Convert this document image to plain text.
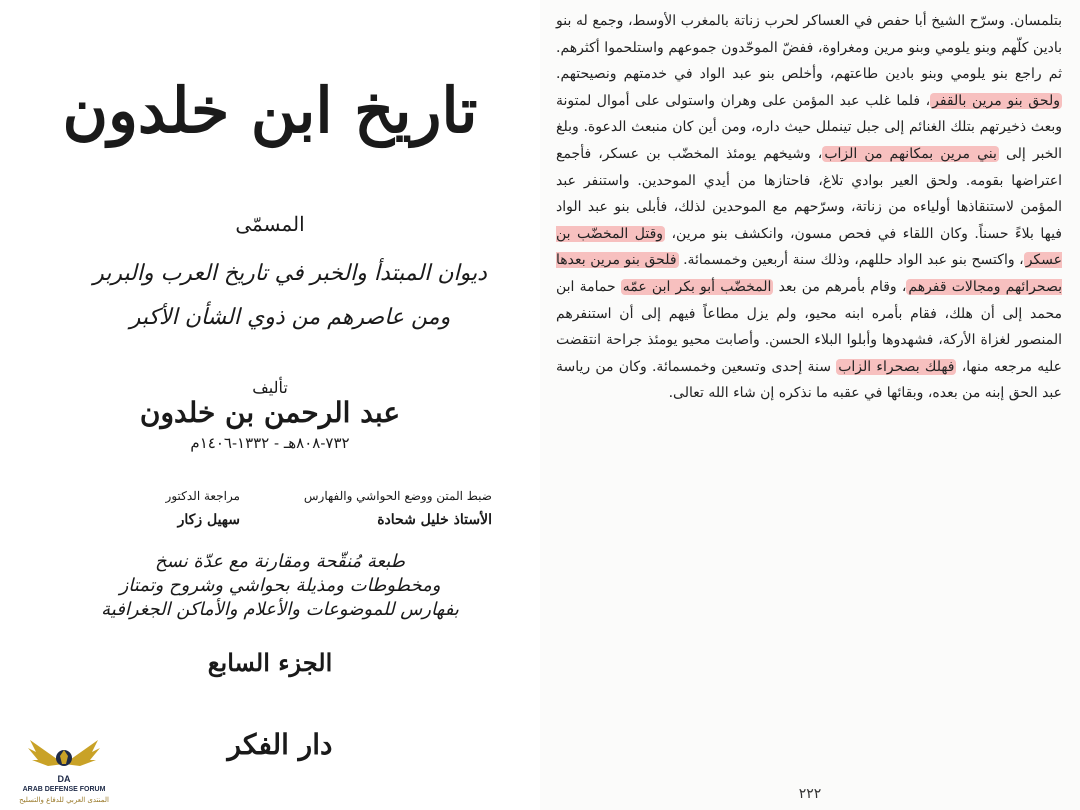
تاريخ ابن خلدون
المسمّى
ديوان المبتدأ والخبر في تاريخ العرب والبربر
ومن عاصرهم من ذوي الشأن الأكبر
تأليف
عبد الرحمن بن خلدون
٧٣٢-٨٠٨هـ - ١٣٣٢-١٤٠٦م
ضبط المتن ووضع الحواشي والفهارس
الأستاذ خليل شحادة
مراجعة الدكتور
سهيل زكار
طبعة مُنقّحة ومقارنة مع عدّة نسخ
ومخطوطات ومذيلة بحواشي وشروح وتمتاز
بفهارس للموضوعات والأعلام والأماكن الجغرافية
الجزء السابع
دار الفكر
DA
ARAB DEFENSE FORUM
المنتدى العربي للدفاع والتسليح

بتلمسان. وسرّح الشيخ أبا حفص في العساكر لحرب زناتة بالمغرب الأوسط، وجمع له بنو بادين كلّهم وبنو يلومي وبنو مرين ومغراوة، ففضّ الموحّدون جموعهم واستلحموا أكثرهم. ثم راجع بنو يلومي وبنو بادين طاعتهم، وأخلص بنو عبد الواد في خدمتهم ونصيحتهم. ولحق بنو مرين بالقفر، فلما غلب عبد المؤمن على وهران واستولى على أموال لمتونة وبعث ذخيرتهم بتلك الغنائم إلى جبل تينملل حيث داره، ومن أين كان منبعث الدعوة. وبلغ الخبر إلى بني مرين بمكانهم من الزاب، وشيخهم يومئذ المخضّب بن عسكر، فأجمع اعتراضها بقومه. ولحق العير بوادي تلاغ، فاحتازها من أيدي الموحدين. واستنفر عبد المؤمن لاستنقاذها أولياءه من زناتة، وسرّحهم مع الموحدين لذلك، فأبلى بنو عبد الواد فيها بلاءً حسناً. وكان اللقاء في فحص مسون، وانكشف بنو مرين، وقتل المخضّب بن عسكر، واكتسح بنو عبد الواد حللهم، وذلك سنة أربعين وخمسمائة. فلحق بنو مرين بعدها بصحرائهم ومجالات قفرهم، وقام بأمرهم من بعد المخضّب أبو بكر ابن عمّه حمامة ابن محمد إلى أن هلك، فقام بأمره ابنه محيو، ولم يزل مطاعاً فيهم إلى أن استنفرهم المنصور لغزاة الأركة، فشهدوها وأبلوا البلاء الحسن. وأصابت محيو يومئذ جراحة انتقضت عليه مرجعه منها، فهلك بصحراء الزاب سنة إحدى وتسعين وخمسمائة. وكان من رياسة عبد الحق إبنه من بعده، وبقائها في عقبه ما نذكره إن شاء الله تعالى.

٢٢٢
